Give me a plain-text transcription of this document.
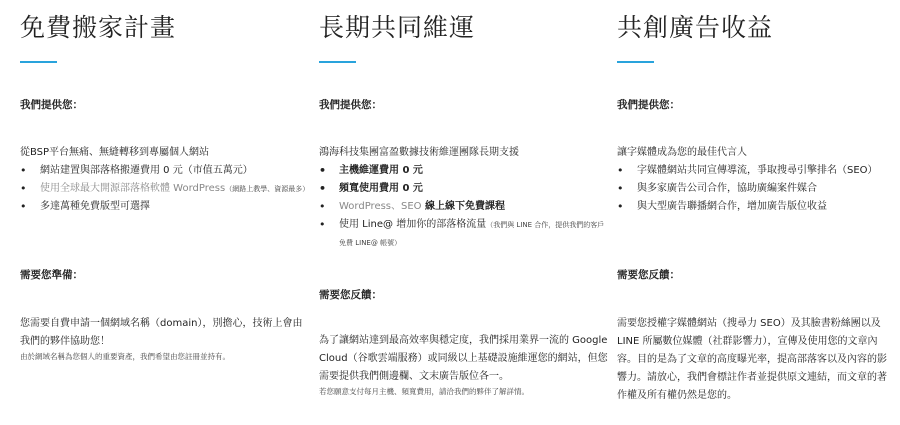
免費搬家計畫
我們提供您：

從BSP平台無痛、無縫轉移到專屬個人網站

• 網站建置與部落格搬遷費用 0 元（市值五萬元）
• 使用全球最大開源部落格軟體 WordPress（網路上教學、資源最多）
• 多達萬種免費版型可選擇
需要您準備：

您需要自費申請一個網域名稱（domain），別擔心，技術上會由我們的夥伴協助您！

由於網域名稱為您個人的重要資產，我們希望由您註冊並持有。

長期共同維運
我們提供您：

鴻海科技集團富盈數據技術維運團隊長期支援

• 主機維運費用 0 元
• 頻寬使用費用 0 元
• WordPress、SEO 線上線下免費課程
• 使用 Line@ 增加你的部落格流量（我們與 LINE 合作，提供我們的客戶免費 LINE@ 帳號）
需要您反饋：

為了讓網站達到最高效率與穩定度，我們採用業界一流的 Google Cloud（谷歌雲端服務）或同級以上基礎設施維運您的網站，但您需要提供我們側邊欄、文末廣告版位各一。

若您願意支付每月主機、頻寬費用，請洽我們的夥伴了解詳情。

共創廣告收益
我們提供您：

讓字媒體成為您的最佳代言人

• 字媒體網站共同宣傳導流，爭取搜尋引擎排名（SEO）
• 與多家廣告公司合作，協助廣編案件媒合
• 與大型廣告聯播網合作，增加廣告版位收益
需要您反饋：

需要您授權字媒體網站（搜尋力 SEO）及其臉書粉絲團以及 LINE 所屬數位媒體（社群影響力），宣傳及使用您的文章內容。目的是為了文章的高度曝光率，提高部落客以及內容的影響力。請放心，我們會標註作者並提供原文連結，而文章的著作權及所有權仍然是您的。
